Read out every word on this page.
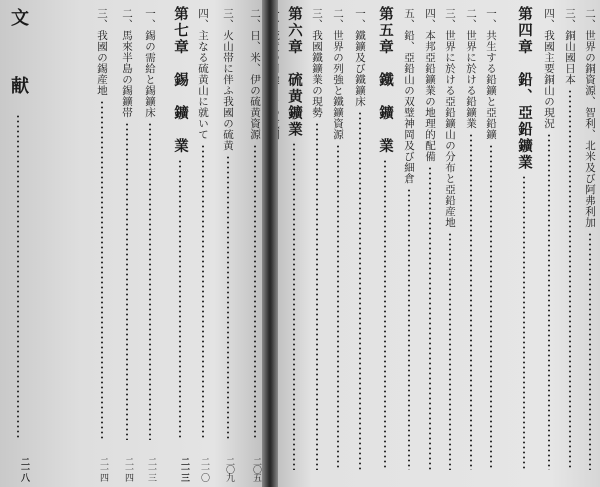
二、日、米、伊の硫黄資源
二〇五
三、火山帯に伴ふ我國の硫黄
二〇九
四、主なる硫黄山に就いて
二一〇
第七章　錫　鑛　業
二一三
一、錫の需給と錫鑛床
二一三
二、馬來半島の錫鑛帯
二一四
三、我國の錫産地
二一四
文　献
二一八
二、世界の銅資源、智利、北米及び阿弗利加
三、銅山國日本
四、我國主要銅山の現況
第四章　鉛、亞鉛鑛業
一、共生する鉛鑛と亞鉛鑛
二、世界に於ける鉛鑛業
三、世界に於ける亞鉛鑛山の分布と亞鉛産地
四、本邦亞鉛鑛業の地理的配備
五、鉛、亞鉛山の双璧神岡及び細倉
第五章　鐵　鑛　業
一、鐵鑛及び鐵鑛床
二、世界の列強と鐵鑛資源
三、我國鐵鑛業の現勢
第六章　硫黄鑛業
